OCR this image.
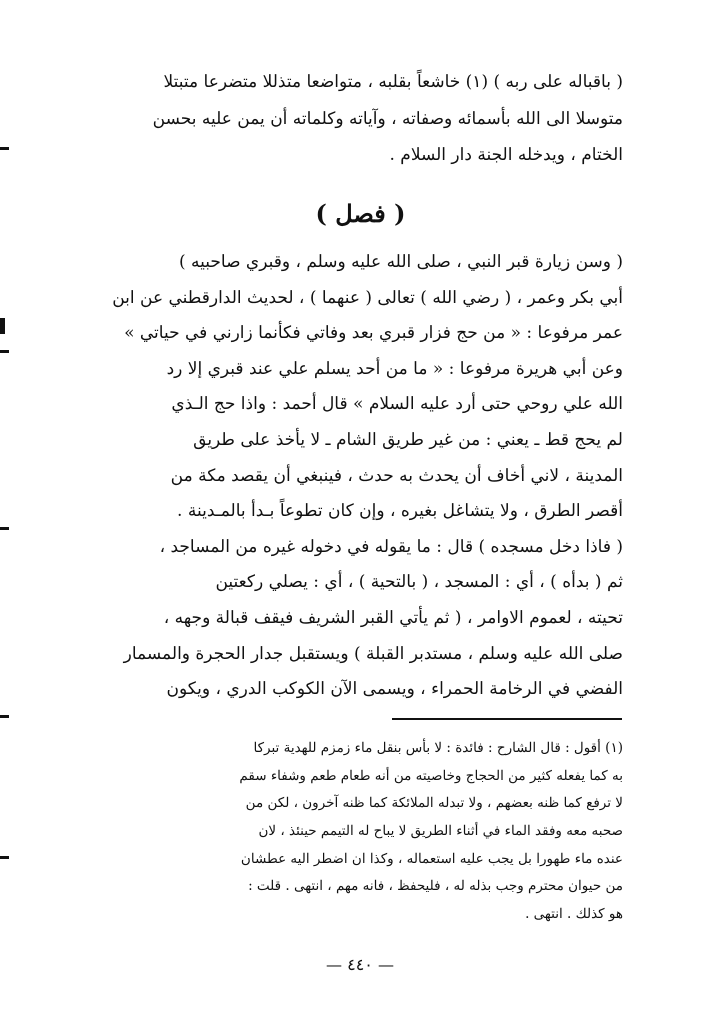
( باقباله على ربه ) (١) خاشعاً بقلبه ، متواضعا متذللا متضرعا متبتلا
متوسلا الى الله بأسمائه وصفاته ، وآياته وكلماته أن يمن عليه بحسن
الختام ، ويدخله الجنة دار السلام .
( فصل )
( وسن زيارة قبر النبي ، صلى الله عليه وسلم ، وقبري صاحبيه )
أبي بكر وعمر ، ( رضي الله ) تعالى ( عنهما ) ، لحديث الدارقطني عن ابن
عمر مرفوعا : « من حج فزار قبري بعد وفاتي فكأنما زارني في حياتي »
وعن أبي هريرة مرفوعا : « ما من أحد يسلم علي عند قبري إلا رد
الله علي روحي حتى أرد عليه السلام » قال أحمد : واذا حج الـذي
لم يحج قط ـ يعني : من غير طريق الشام ـ لا يأخذ على طريق
المدينة ، لاني أخاف أن يحدث به حدث ، فينبغي أن يقصد مكة من
أقصر الطرق ، ولا يتشاغل بغيره ، وإن كان تطوعاً بـدأ بالمـدينة .
( فاذا دخل مسجده ) قال : ما يقوله في دخوله غيره من المساجد ،
ثم ( بدأه ) ، أي : المسجد ، ( بالتحية ) ، أي : يصلي ركعتين
تحيته ، لعموم الاوامر ، ( ثم يأتي القبر الشريف فيقف قبالة وجهه ،
صلى الله عليه وسلم ، مستدبر القبلة ) ويستقبل جدار الحجرة والمسمار
الفضي في الرخامة الحمراء ، ويسمى الآن الكوكب الدري ، ويكون
(١) أقول : قال الشارح : فائدة : لا بأس بنقل ماء زمزم للهدية تبركا
به كما يفعله كثير من الحجاج وخاصيته من أنه طعام طعم وشفاء سقم
لا ترفع كما ظنه بعضهم ، ولا تبدله الملائكة كما ظنه آخرون ، لكن من
صحبه معه وفقد الماء في أثناء الطريق لا يباح له التيمم حينئذ ، لان
عنده ماء طهورا بل يجب عليه استعماله ، وكذا ان اضطر اليه عطشان
من حيوان محترم وجب بذله له ، فليحفظ ، فانه مهم ، انتهى . قلت :
هو كذلك . انتهى .
— ٤٤٠ —
